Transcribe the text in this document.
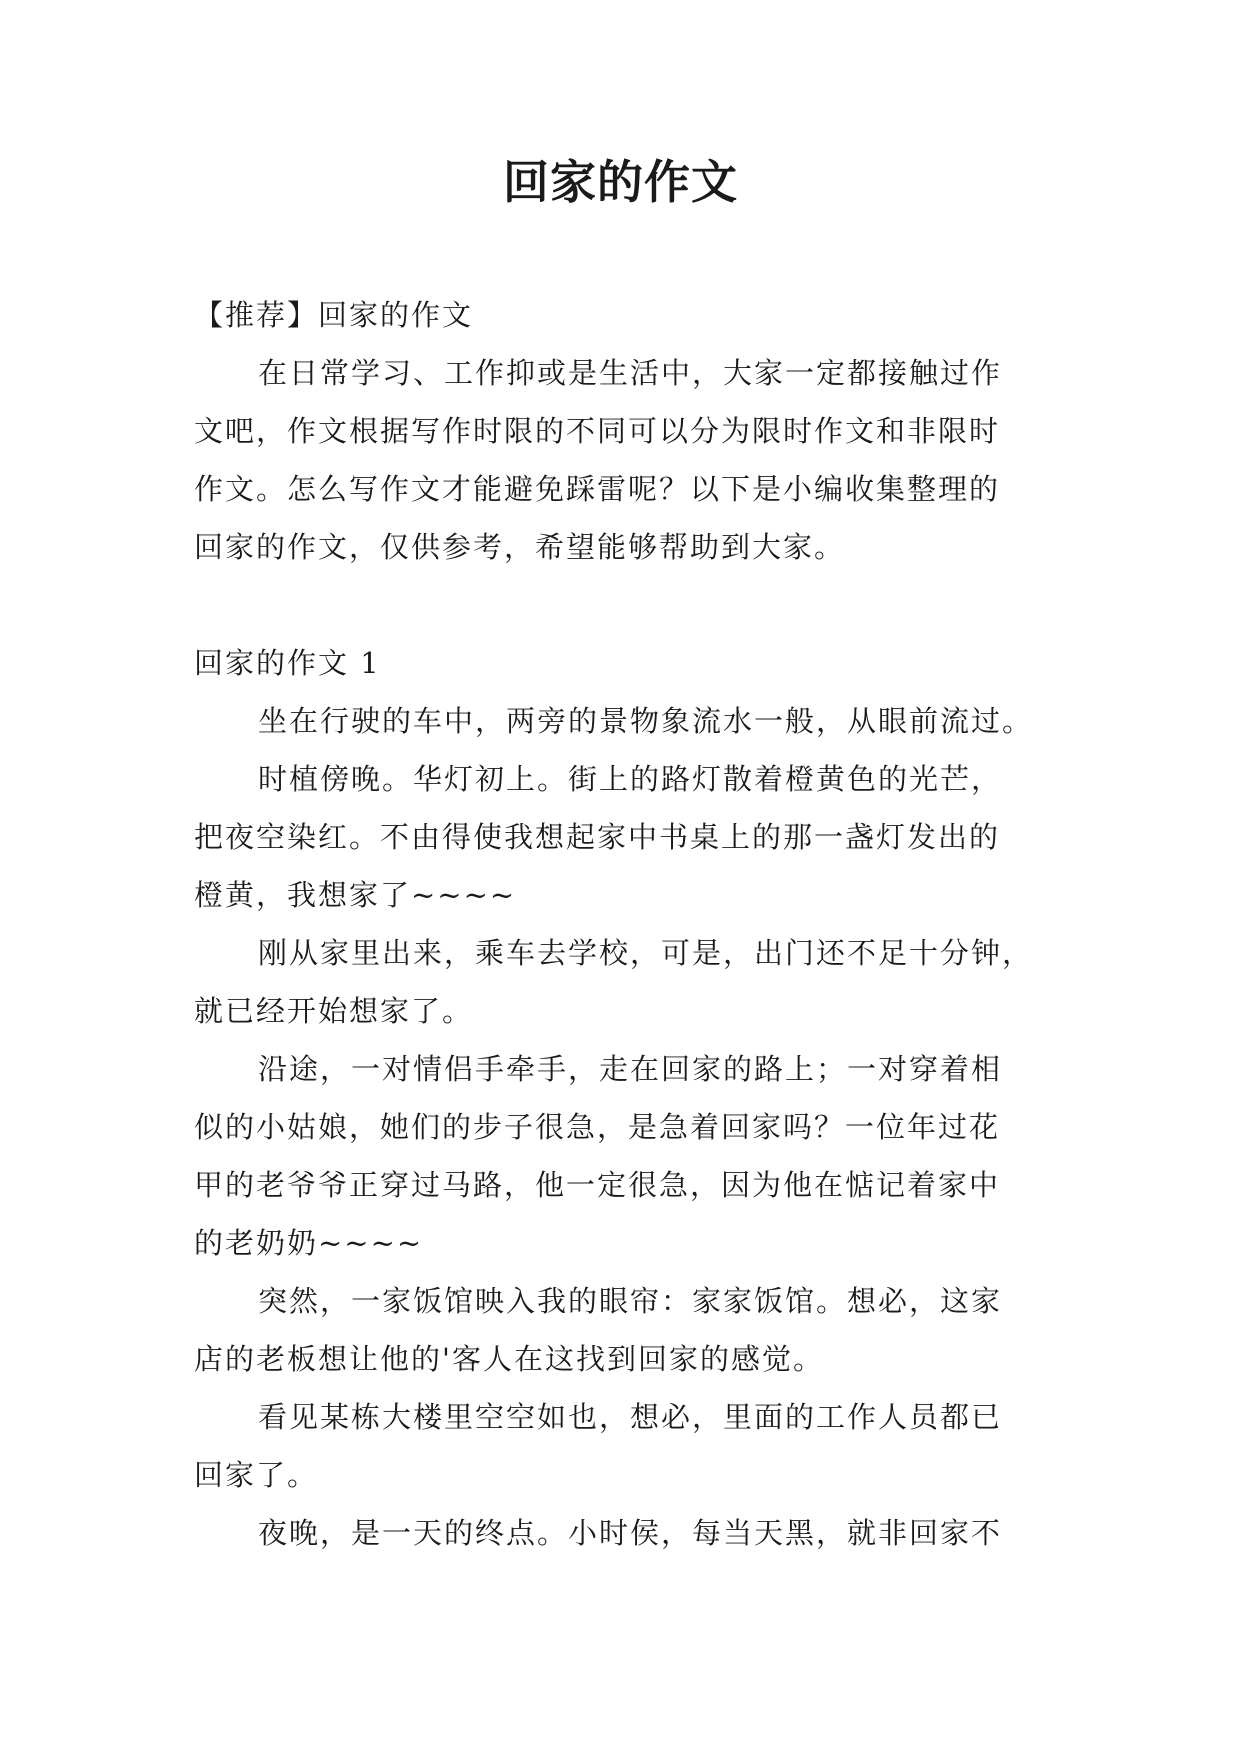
回家的作文
【推荐】回家的作文
在日常学习、工作抑或是生活中，大家一定都接触过作
文吧，作文根据写作时限的不同可以分为限时作文和非限时
作文。怎么写作文才能避免踩雷呢？以下是小编收集整理的
回家的作文，仅供参考，希望能够帮助到大家。
回家的作文 1
坐在行驶的车中，两旁的景物象流水一般，从眼前流过。
时植傍晚。华灯初上。街上的路灯散着橙黄色的光芒，
把夜空染红。不由得使我想起家中书桌上的那一盏灯发出的
橙黄，我想家了~~~~
刚从家里出来，乘车去学校，可是，出门还不足十分钟，
就已经开始想家了。
沿途，一对情侣手牵手，走在回家的路上；一对穿着相
似的小姑娘，她们的步子很急，是急着回家吗？一位年过花
甲的老爷爷正穿过马路，他一定很急，因为他在惦记着家中
的老奶奶~~~~
突然，一家饭馆映入我的眼帘：家家饭馆。想必，这家
店的老板想让他的'客人在这找到回家的感觉。
看见某栋大楼里空空如也，想必，里面的工作人员都已
回家了。
夜晚，是一天的终点。小时侯，每当天黑，就非回家不
